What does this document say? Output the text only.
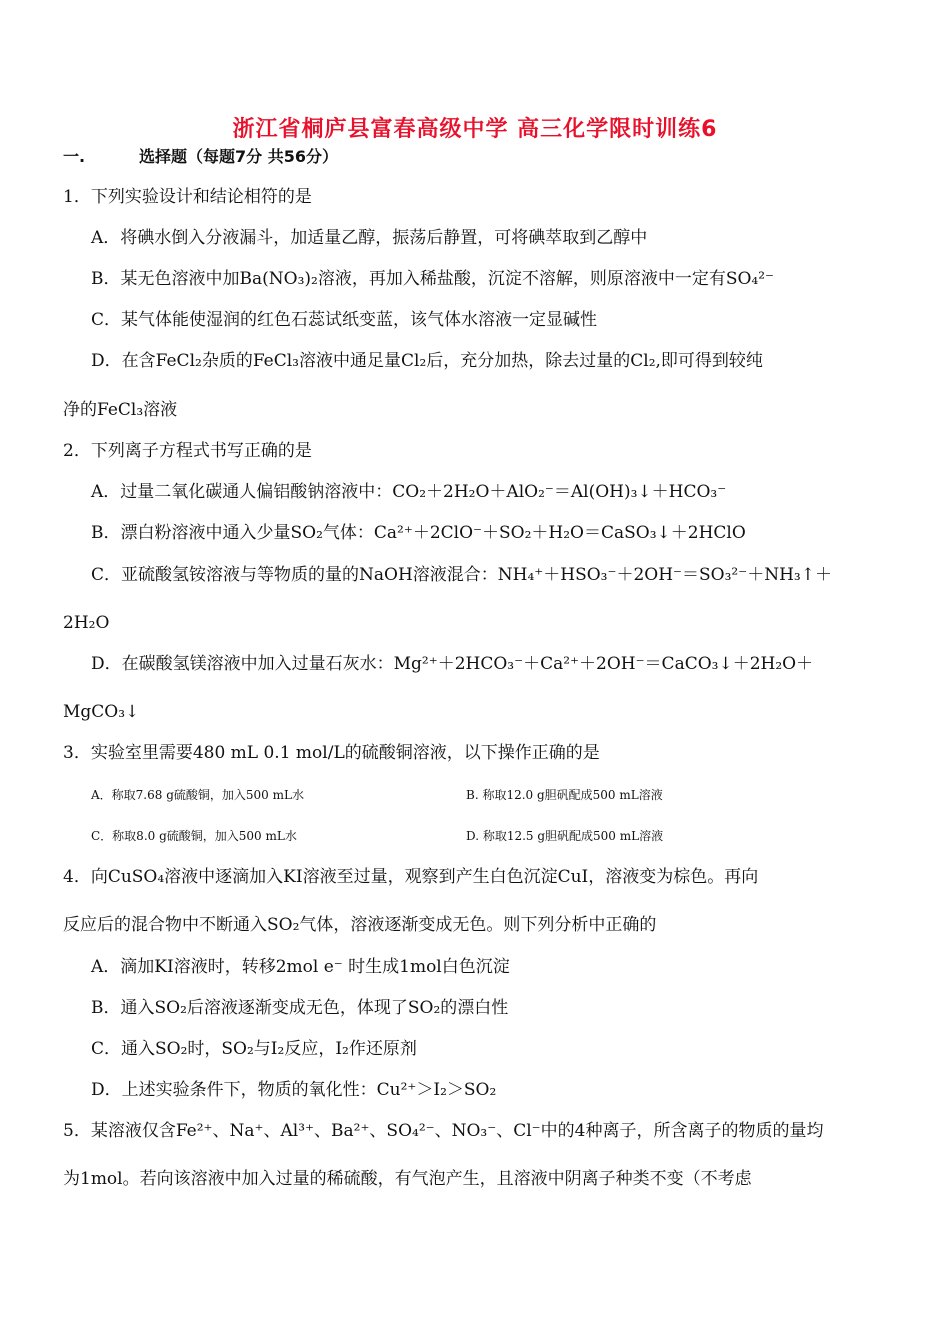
浙江省桐庐县富春高级中学 高三化学限时训练6
一.	选择题（每题7分 共56分）
1．下列实验设计和结论相符的是
A．将碘水倒入分液漏斗，加适量乙醇，振荡后静置，可将碘萃取到乙醇中
B．某无色溶液中加Ba(NO₃)₂溶液，再加入稀盐酸，沉淀不溶解，则原溶液中一定有SO₄²⁻
C．某气体能使湿润的红色石蕊试纸变蓝，该气体水溶液一定显碱性
D．在含FeCl₂杂质的FeCl₃溶液中通足量Cl₂后，充分加热，除去过量的Cl₂,即可得到较纯
净的FeCl₃溶液
2．下列离子方程式书写正确的是
A．过量二氧化碳通人偏铝酸钠溶液中：CO₂＋2H₂O＋AlO₂⁻＝Al(OH)₃↓＋HCO₃⁻
B．漂白粉溶液中通入少量SO₂气体：Ca²⁺＋2ClO⁻＋SO₂＋H₂O＝CaSO₃↓＋2HClO
C．亚硫酸氢铵溶液与等物质的量的NaOH溶液混合：NH₄⁺＋HSO₃⁻＋2OH⁻＝SO₃²⁻＋NH₃↑＋
2H₂O
D．在碳酸氢镁溶液中加入过量石灰水：Mg²⁺＋2HCO₃⁻＋Ca²⁺＋2OH⁻＝CaCO₃↓＋2H₂O＋
MgCO₃↓
3．实验室里需要480 mL 0.1 mol/L的硫酸铜溶液，以下操作正确的是
A．称取7.68 g硫酸铜，加入500 mL水	B. 称取12.0 g胆矾配成500 mL溶液
C．称取8.0 g硫酸铜，加入500 mL水	D. 称取12.5 g胆矾配成500 mL溶液
4．向CuSO₄溶液中逐滴加入KI溶液至过量，观察到产生白色沉淀CuI，溶液变为棕色。再向
反应后的混合物中不断通入SO₂气体，溶液逐渐变成无色。则下列分析中正确的
A．滴加KI溶液时，转移2mol e⁻ 时生成1mol白色沉淀
B．通入SO₂后溶液逐渐变成无色，体现了SO₂的漂白性
C．通入SO₂时，SO₂与I₂反应，I₂作还原剂
D．上述实验条件下，物质的氧化性：Cu²⁺＞I₂＞SO₂
5．某溶液仅含Fe²⁺、Na⁺、Al³⁺、Ba²⁺、SO₄²⁻、NO₃⁻、Cl⁻中的4种离子，所含离子的物质的量均
为1mol。若向该溶液中加入过量的稀硫酸，有气泡产生，且溶液中阴离子种类不变（不考虑
